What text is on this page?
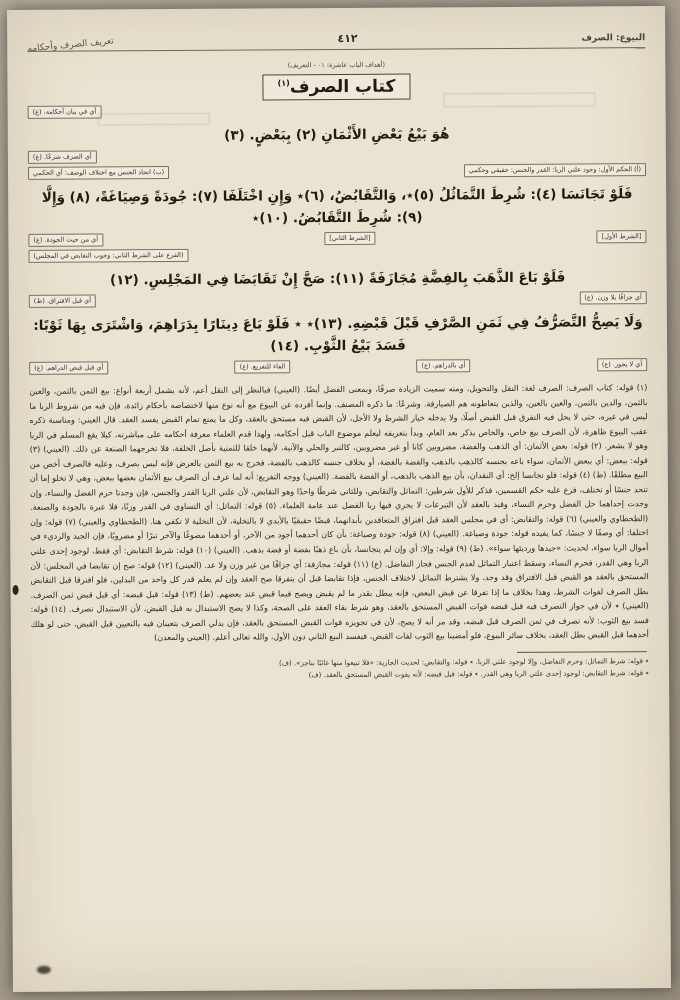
البيوع: الصرف
٤١٢
تعريف الصرف وأحكامه
(أهداف الباب عاشرة: ٠١ - التعريف)
كتاب الصرف$^{(١)}$
أي في بيان أحكامه. (ع)
هُوَ بَيْعُ بَعْضِ الأَثْمَانِ (٢) بِبَعْضٍ. (٣)
أي الصرف شرعًا. (ع)
(أ) الحكم الأول: وجود علتي الربا: القدر والجنس: حقيقي وحكمي
(ب) اتحاد الجنس مع اختلاف الوصف: أي الحكمي
فَلَوْ تَجَانَسَا (٤): شُرِطَ التَّمَاثُلُ (٥)٭، وَالتَّقَابُضُ، (٦)٭ وَإِنِ اخْتَلَفَا (٧): جُودَةً وَصِيَاغَةً، (٨) وَإِلَّا (٩): شُرِطَ التَّقَابُضُ. (١٠)٭
[الشرط الأول]
[الشرط الثاني]
أي من حيث الجودة. (ع)
(الفرع على الشرط الثاني: وجوب التقابض في المجلس)
فَلَوْ بَاعَ الذَّهَبَ بِالفِضَّةِ مُجَازَفَةً (١١): صَحَّ إِنْ تَقَابَضَا فِي المَجْلِسِ. (١٢)
أي جزافًا بلا وزن. (ع)
أي قبل الافتراق. (ط)
وَلَا يَصِحُّ التَّصَرُّفُ فِي ثَمَنِ الصَّرْفِ قَبْلَ قَبْضِهِ. (١٣)٭ ٭ فَلَوْ بَاعَ دِينَارًا بِدَرَاهِمَ، وَاشْتَرَى بِهَا ثَوْبًا: فَسَدَ بَيْعُ الثَّوْبِ. (١٤)
أي لا يجوز. (ع)
أي بالدراهم. (ع)
الفاء للتفريع. (ع)
أي قبل قبض الدراهم. (ع)
(١) قوله: كتاب الصرف: الصرف لغة: النقل والتحويل، ومنه سميت الزيادة صرفًا، وبمعنى الفضل أيضًا. (العيني) فبالنظر إلى النقل أعم، لأنه يشمل أربعة أنواع: بيع الثمن بالثمن، والعين بالثمن، والدين بالثمن، والعين بالعين، والذين يتعاطونه هم الصيارفة. وشرعًا: ما ذكره المصنف. وإنما أفرده عن البيوع مع أنه نوع منها لاختصاصه بأحكام زائدة، فإن فيه من شروط الربا ما ليس في غيره، حتى لا يحل فيه التفرق قبل القبض أصلًا، ولا يدخله خيار الشرط ولا الأجل، لأن القبض فيه مستحق بالعقد، وكل ما يمنع تمام القبض يفسد العقد. قال العيني: ومناسبة ذكره عقب البيوع ظاهرة، لأن الصرف بيع خاص، والخاص يذكر بعد العام، وبدأ بتعريفه ليعلم موضوع الباب قبل أحكامه، ولهذا قدم العلماء معرفة أحكامه على مباشرته، كيلا يقع المسلم في الربا وهو لا يشعر. (٢) قوله: بعض الأثمان: أي الذهب والفضة، مضروبين كانا أو غير مضروبين، كالتبر والحلي والآنية، لأنهما خلقا للثمنية بأصل الخلقة، فلا تخرجهما الصنعة عن ذلك. (العيني) (٣) قوله: ببعض: أي ببعض الأثمان، سواء باعه بجنسه كالذهب بالذهب والفضة بالفضة، أو بخلاف جنسه كالذهب بالفضة، فخرج به بيع الثمن بالعرض فإنه ليس بصرف، وعليه فالصرف أخص من البيع مطلقًا. (ط) (٤) قوله: فلو تجانسا إلخ: أي النقدان، بأن بيع الذهب بالذهب، أو الفضة بالفضة. (العيني) ووجه التفريع: أنه لما عرف أن الصرف بيع الأثمان بعضها ببعض، وهي لا تخلو إما أن تتحد جنسًا أو تختلف، فرع عليه حكم القسمين، فذكر للأول شرطين: التماثل والتقابض، وللثاني شرطًا واحدًا وهو التقابض، لأن علتي الربا القدر والجنس، فإن وجدتا حرم الفضل والنساء، وإن وجدت إحداهما حل الفضل وحرم النساء، وقيد بالعقد لأن التبرعات لا يجري فيها ربا الفضل عند عامة العلماء. (٥) قوله: التماثل: أي التساوي في القدر وزنًا، فلا عبرة بالجودة والصنعة. (الطحطاوي والعيني) (٦) قوله: والتقابض: أي في مجلس العقد قبل افتراق المتعاقدين بأبدانهما، قبضًا حقيقيًا بالأيدي لا بالتخلية، لأن التخلية لا تكفي هنا. (الطحطاوي والعيني) (٧) قوله: وإن اختلفا: أي وصفًا لا جنسًا، كما يفيده قوله: جودة وصياغة. (العيني) (٨) قوله: جودة وصياغة: بأن كان أحدهما أجود من الآخر، أو أحدهما مصوغًا والآخر تبرًا أو مضروبًا، فإن الجيد والرديء في أموال الربا سواء، لحديث: «جيدها ورديئها سواء». (ط) (٩) قوله: وإلا: أي وإن لم يتجانسا، بأن باع ذهبًا بفضة أو فضة بذهب. (العيني) (١٠) قوله: شرط التقابض: أي فقط، لوجود إحدى علتي الربا وهي القدر، فحرم النساء، وسقط اعتبار التماثل لعدم الجنس فجاز التفاضل. (ع) (١١) قوله: مجازفة: أي جزافًا من غير وزن ولا عد. (العيني) (١٢) قوله: صح إن تقابضا في المجلس: لأن المستحق بالعقد هو القبض قبل الافتراق وقد وجد، ولا يشترط التماثل لاختلاف الجنس، فإذا تقابضا قبل أن يتفرقا صح العقد وإن لم يعلم قدر كل واحد من البدلين، فلو افترقا قبل التقابض بطل الصرف لفوات الشرط، وهذا بخلاف ما إذا تفرقا عن قبض البعض، فإنه يبطل بقدر ما لم يقبض ويصح فيما قبض عند بعضهم. (ط) (١٣) قوله: قبل قبضه: أي قبل قبض ثمن الصرف. (العيني) ٭ لأن في جواز التصرف فيه قبل قبضه فوات القبض المستحق بالعقد، وهو شرط بقاء العقد على الصحة، وكذا لا يصح الاستبدال به قبل القبض، لأن الاستبدال تصرف. (١٤) قوله: فسد بيع الثوب: لأنه تصرف في ثمن الصرف قبل قبضه، وقد مر أنه لا يصح، لأن في تجويزه فوات القبض المستحق بالعقد، فإن بدلي الصرف يتعينان فيه بالتعيين قبل القبض، حتى لو هلك أحدهما قبل القبض بطل العقد، بخلاف سائر البيوع، فلو أمضينا بيع الثوب لفات القبض، فيفسد البيع الثاني دون الأول، والله تعالى أعلم. (العيني والمعدن)
٭ قوله: شرط التماثل: وحرم التفاضل، وإلا لوجود علتي الربا. ٭ قوله: والتقابض: لحديث الجارية: «فلا تبيعوا منها غائبًا بناجز». (ف)
٭ قوله: شرط التقابض: لوجود إحدى علتي الربا وهي القدر. ٭ قوله: قبل قبضه: لأنه يفوت القبض المستحق بالعقد. (ف)
